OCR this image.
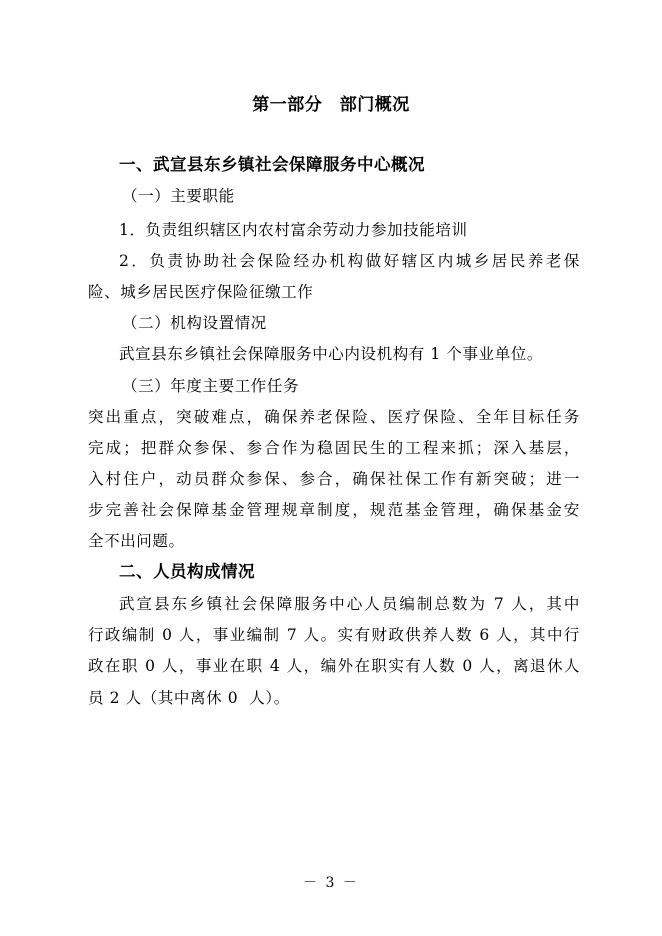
第一部分　部门概况
一、武宣县东乡镇社会保障服务中心概况
（一）主要职能
1．负责组织辖区内农村富余劳动力参加技能培训
2．负责协助社会保险经办机构做好辖区内城乡居民养老保
险、城乡居民医疗保险征缴工作
（二）机构设置情况
武宣县东乡镇社会保障服务中心内设机构有 1 个事业单位。
（三）年度主要工作任务
突出重点，突破难点，确保养老保险、医疗保险、全年目标任务
完成；把群众参保、参合作为稳固民生的工程来抓；深入基层，
入村住户，动员群众参保、参合，确保社保工作有新突破；进一
步完善社会保障基金管理规章制度，规范基金管理，确保基金安
全不出问题。
二、人员构成情况
武宣县东乡镇社会保障服务中心人员编制总数为 7 人，其中
行政编制 0 人，事业编制 7 人。实有财政供养人数 6 人，其中行
政在职 0 人，事业在职 4 人，编外在职实有人数 0 人，离退休人
员 2 人（其中离休 0  人）。
－ 3 －
